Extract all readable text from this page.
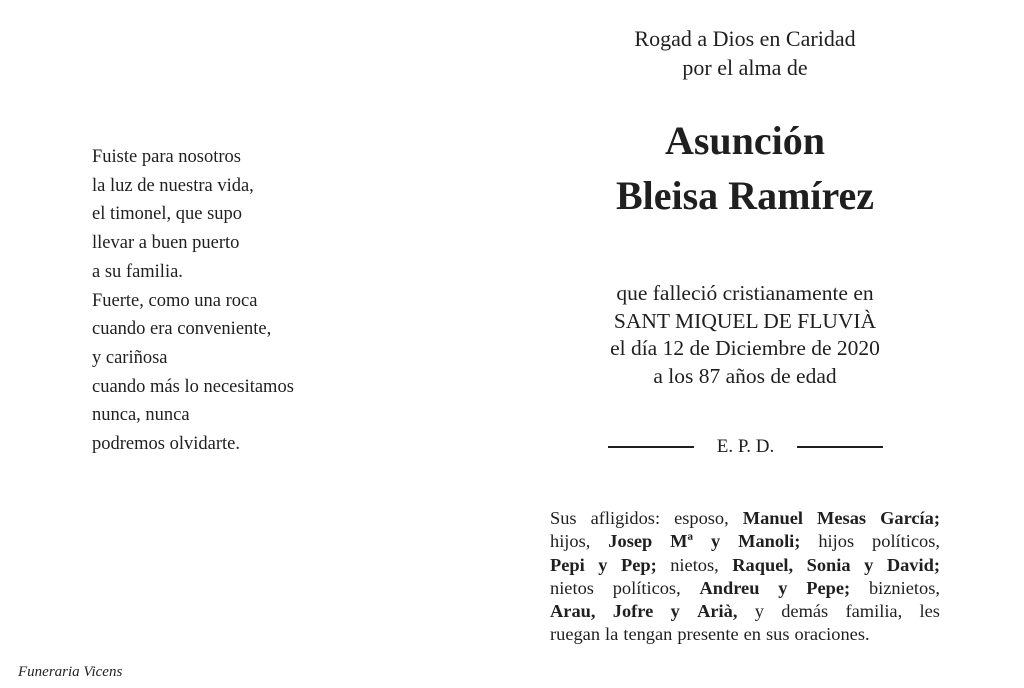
Fuiste para nosotros
la luz de nuestra vida,
el timonel, que supo
llevar a buen puerto
a su familia.
Fuerte, como una roca
cuando era conveniente,
y cariñosa
cuando más lo necesitamos
nunca, nunca
podremos olvidarte.
Funeraria Vicens
Rogad a Dios en Caridad
por el alma de
Asunción
Bleisa Ramírez
que falleció cristianamente en
SANT MIQUEL DE FLUVIÀ
el día 12 de Diciembre de 2020
a los 87 años de edad
E. P. D.
Sus afligidos: esposo, Manuel Mesas García;
hijos, Josep Mª y Manoli; hijos políticos,
Pepi y Pep; nietos, Raquel, Sonia y David;
nietos políticos, Andreu y Pepe; biznietos,
Arau, Jofre y Arià, y demás familia, les
ruegan la tengan presente en sus oraciones.
